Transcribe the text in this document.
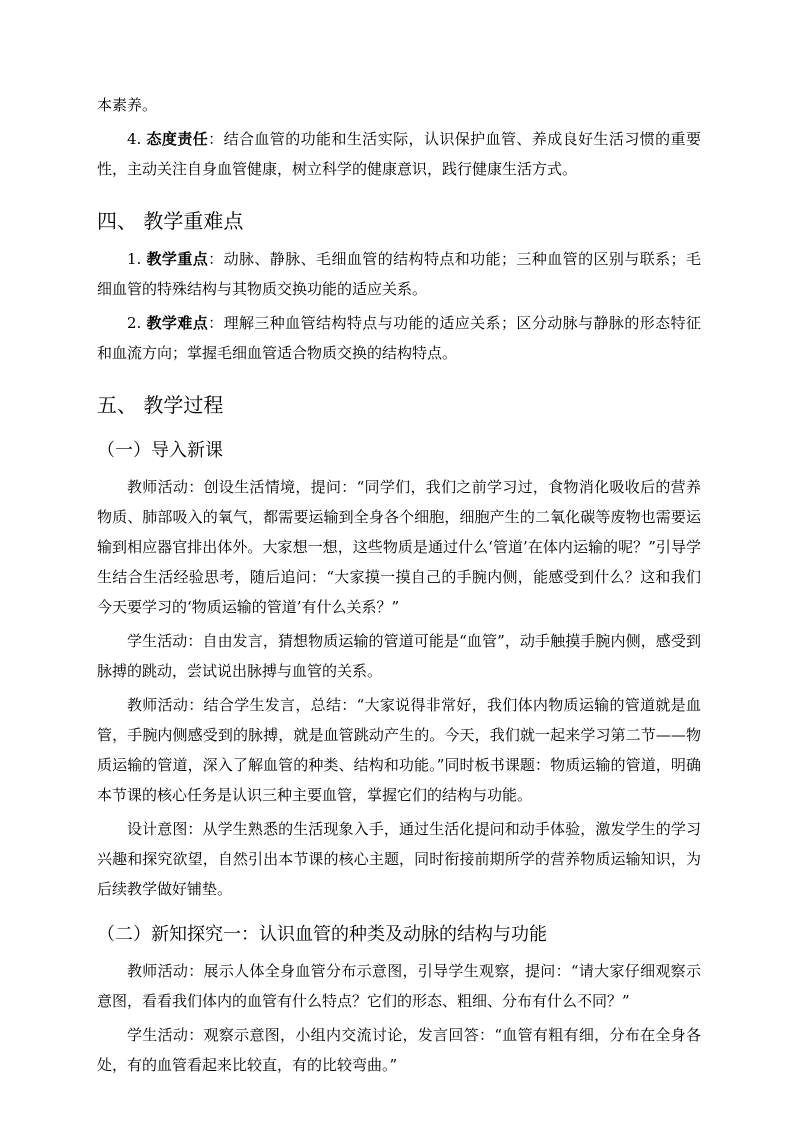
本素养。

4. 态度责任：结合血管的功能和生活实际，认识保护血管、养成良好生活习惯的重要性，主动关注自身血管健康，树立科学的健康意识，践行健康生活方式。

四、 教学重难点

1. 教学重点：动脉、静脉、毛细血管的结构特点和功能；三种血管的区别与联系；毛细血管的特殊结构与其物质交换功能的适应关系。

2. 教学难点：理解三种血管结构特点与功能的适应关系；区分动脉与静脉的形态特征和血流方向；掌握毛细血管适合物质交换的结构特点。

五、 教学过程
（一）导入新课

教师活动：创设生活情境，提问：“同学们，我们之前学习过，食物消化吸收后的营养物质、肺部吸入的氧气，都需要运输到全身各个细胞，细胞产生的二氧化碳等废物也需要运输到相应器官排出体外。大家想一想，这些物质是通过什么‘管道’在体内运输的呢？”引导学生结合生活经验思考，随后追问：“大家摸一摸自己的手腕内侧，能感受到什么？这和我们今天要学习的‘物质运输的管道’有什么关系？”

学生活动：自由发言，猜想物质运输的管道可能是“血管”，动手触摸手腕内侧，感受到脉搏的跳动，尝试说出脉搏与血管的关系。

教师活动：结合学生发言，总结：“大家说得非常好，我们体内物质运输的管道就是血管，手腕内侧感受到的脉搏，就是血管跳动产生的。今天，我们就一起来学习第二节——物质运输的管道，深入了解血管的种类、结构和功能。”同时板书课题：物质运输的管道，明确本节课的核心任务是认识三种主要血管，掌握它们的结构与功能。

设计意图：从学生熟悉的生活现象入手，通过生活化提问和动手体验，激发学生的学习兴趣和探究欲望，自然引出本节课的核心主题，同时衔接前期所学的营养物质运输知识，为后续教学做好铺垫。

（二）新知探究一：认识血管的种类及动脉的结构与功能

教师活动：展示人体全身血管分布示意图，引导学生观察，提问：“请大家仔细观察示意图，看看我们体内的血管有什么特点？它们的形态、粗细、分布有什么不同？”

学生活动：观察示意图，小组内交流讨论，发言回答：“血管有粗有细，分布在全身各处，有的血管看起来比较直，有的比较弯曲。”
